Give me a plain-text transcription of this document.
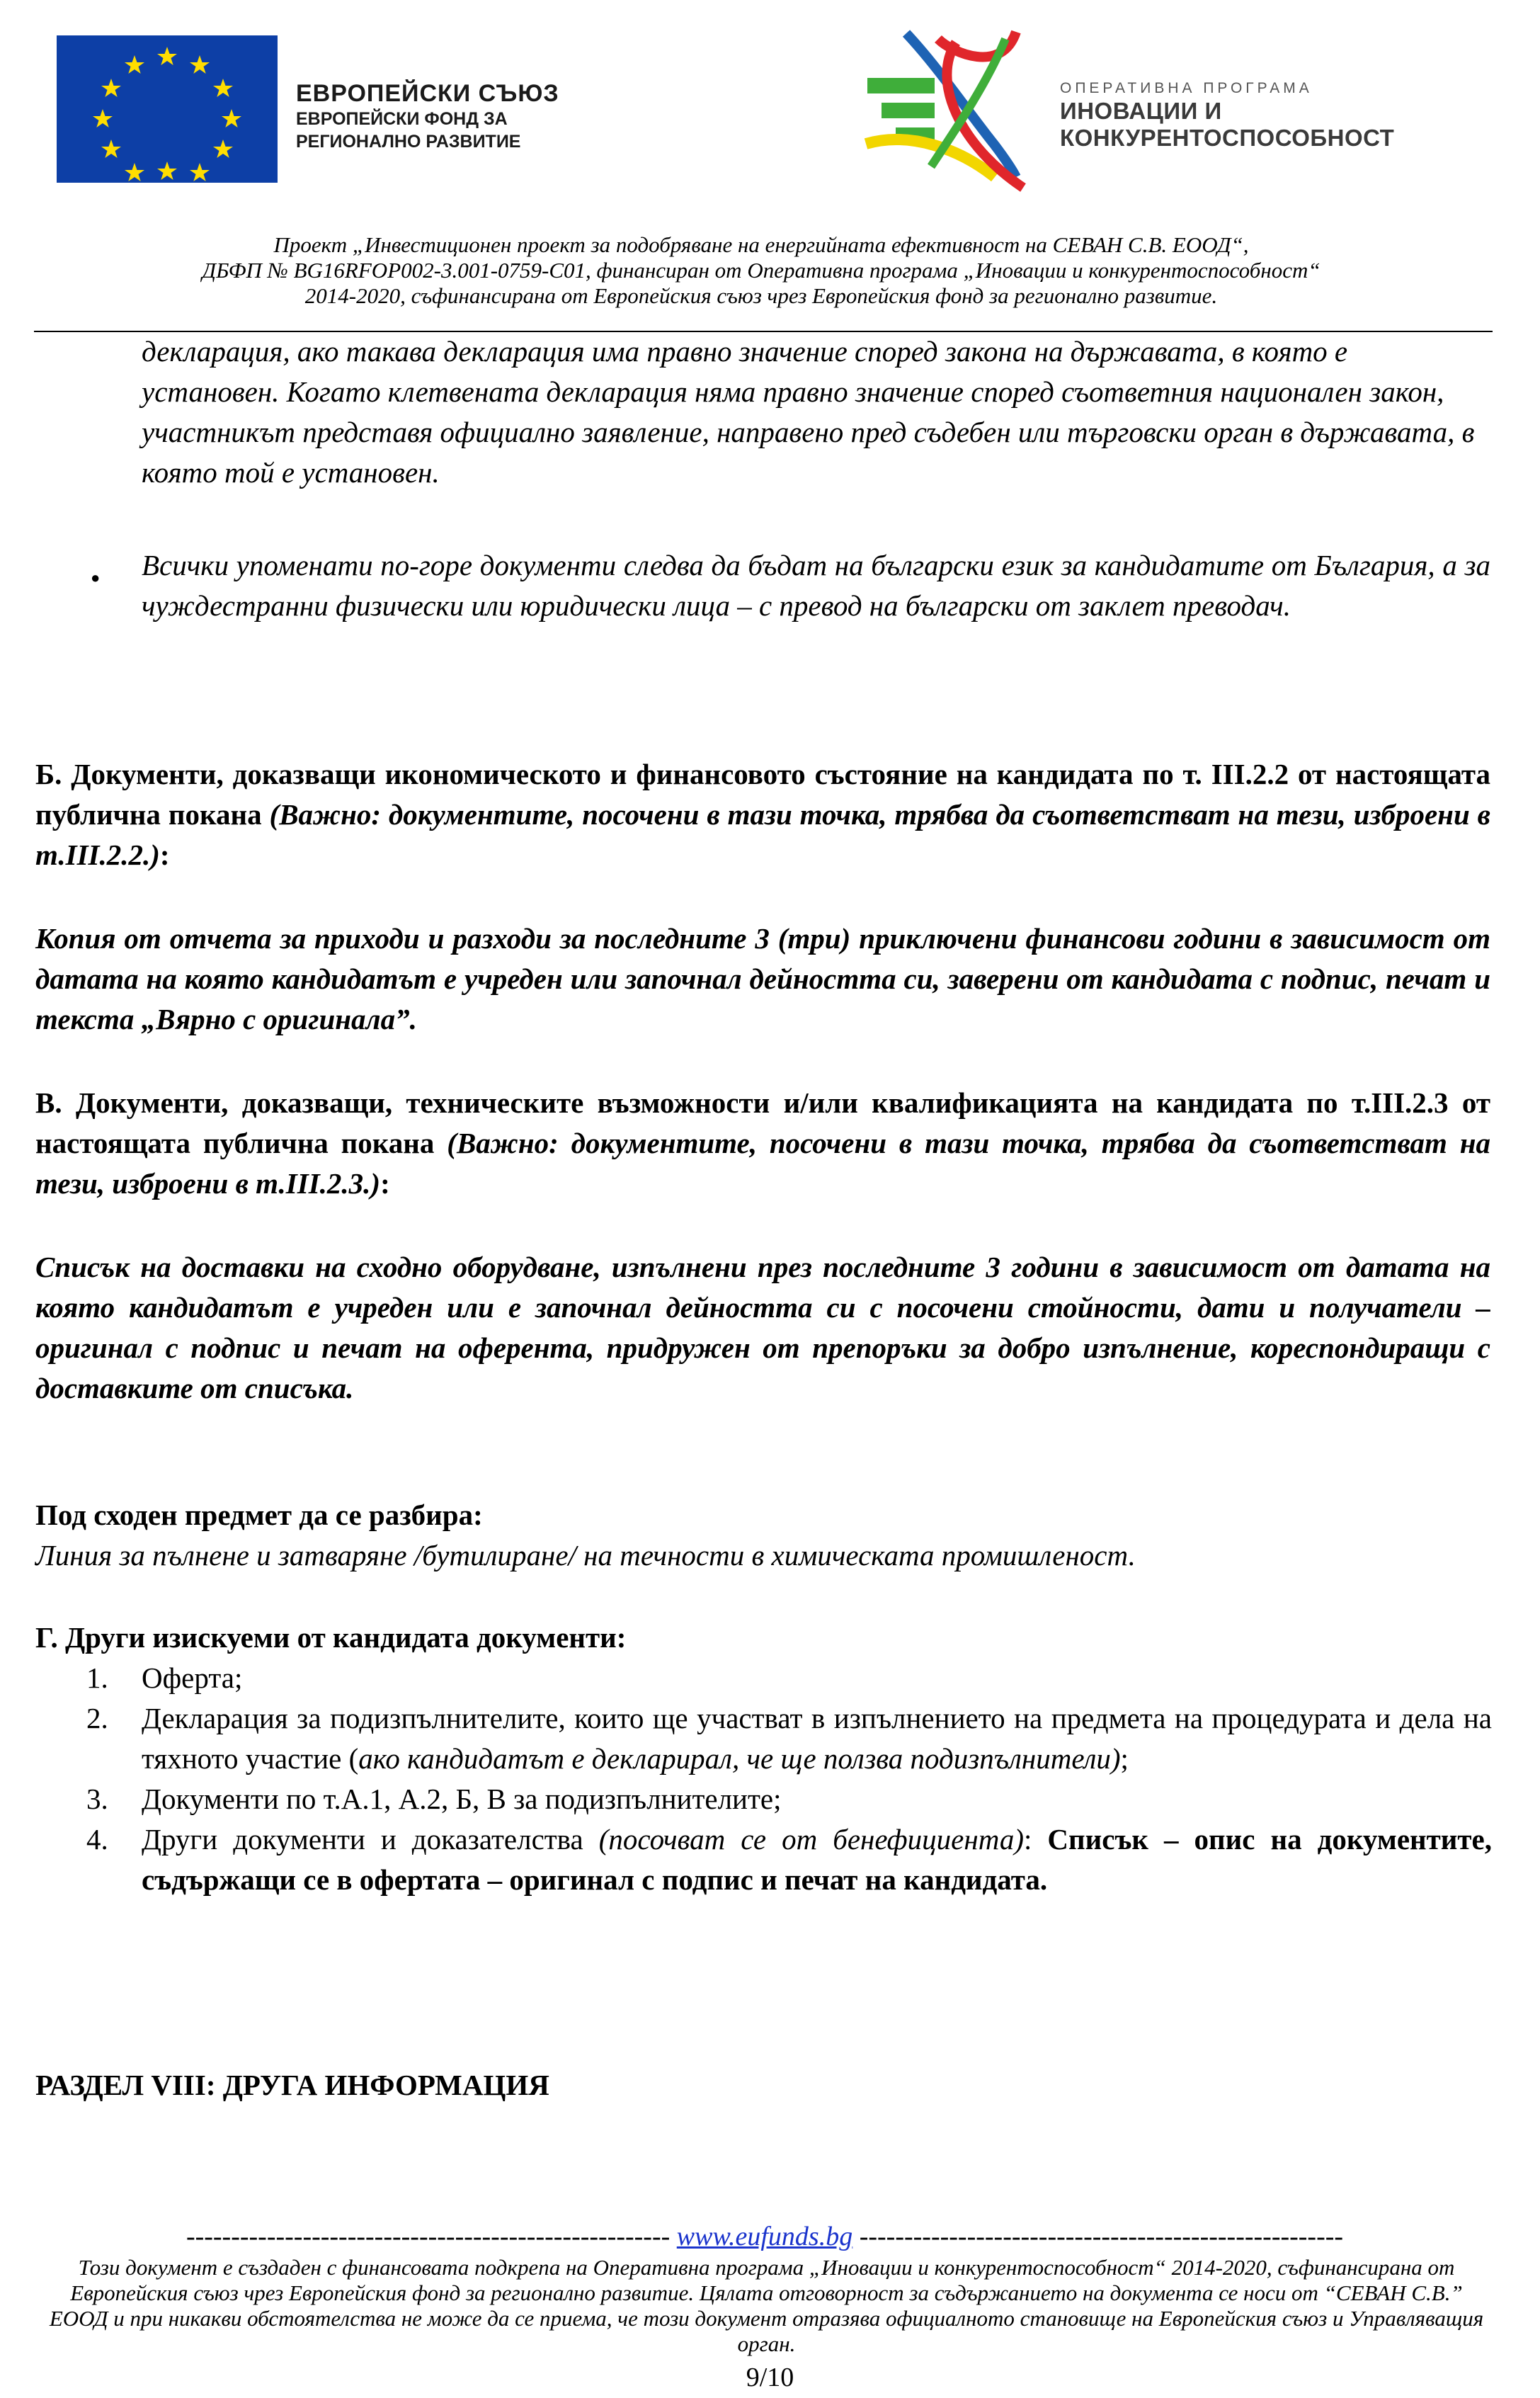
ЕВРОПЕЙСКИ СЪЮЗ
ЕВРОПЕЙСКИ ФОНД ЗА
РЕГИОНАЛНО РАЗВИТИЕ
ОПЕРАТИВНА ПРОГРАМА
ИНОВАЦИИ И
КОНКУРЕНТОСПОСОБНОСТ
Проект „Инвестиционен проект за подобряване на енергийната ефективност на СЕВАН С.В. ЕООД“,
ДБФП № BG16RFOP002-3.001-0759-C01, финансиран от Оперативна програма „Иновации и конкурентоспособност“
2014-2020, съфинансирана от Европейския съюз чрез Европейския фонд за регионално развитие.
декларация, ако такава декларация има правно значение според закона на държавата, в която е установен. Когато клетвената декларация няма правно значение според съответния национален закон, участникът представя официално заявление, направено пред съдебен или търговски орган в държавата, в която той е установен.
● Всички упоменати по-горе документи следва да бъдат на български език за кандидатите от България, а за чуждестранни физически или юридически лица – с превод на български от заклет преводач.
Б. Документи, доказващи икономическото и финансовото състояние на кандидата по т. ІІІ.2.2 от настоящата публична покана (Важно: документите, посочени в тази точка, трябва да съответстват на тези, изброени в т.ІІІ.2.2.):
Копия от отчета за приходи и разходи за последните 3 (три) приключени финансови години в зависимост от датата на която кандидатът е учреден или започнал дейността си, заверени от кандидата с подпис, печат и текста „Вярно с оригинала”.
В. Документи, доказващи, техническите възможности и/или квалификацията на кандидата по т.ІІІ.2.3 от настоящата публична покана (Важно: документите, посочени в тази точка, трябва да съответстват на тези, изброени в т.ІІІ.2.3.):
Списък на доставки на сходно оборудване, изпълнени през последните 3 години в зависимост от датата на която кандидатът е учреден или е започнал дейността си с посочени стойности, дати и получатели – оригинал с подпис и печат на оферента, придружен от препоръки за добро изпълнение, кореспондиращи с доставките от списъка.
Под сходен предмет да се разбира:
Линия за пълнене и затваряне /бутилиране/ на течности в химическата промишленост.
Г. Други изискуеми от кандидата документи:
1. Оферта;
2. Декларация за подизпълнителите, които ще участват в изпълнението на предмета на процедурата и дела на тяхното участие (ако кандидатът е декларирал, че ще ползва подизпълнители);
3. Документи по т.А.1, А.2, Б, В за подизпълнителите;
4. Други документи и доказателства (посочват се от бенефициента): Списък – опис на документите, съдържащи се в офертата – оригинал с подпис и печат на кандидата.
РАЗДЕЛ VIII: ДРУГА ИНФОРМАЦИЯ
------------------------------------------------------ www.eufunds.bg ------------------------------------------------------
Този документ е създаден с финансовата подкрепа на Оперативна програма „Иновации и конкурентоспособност“ 2014-2020, съфинансирана от Европейския съюз чрез Европейския фонд за регионално развитие. Цялата отговорност за съдържанието на документа се носи от “СЕВАН С.В.” ЕООД и при никакви обстоятелства не може да се приема, че този документ отразява официалното становище на Европейския съюз и Управляващия орган.
9/10
